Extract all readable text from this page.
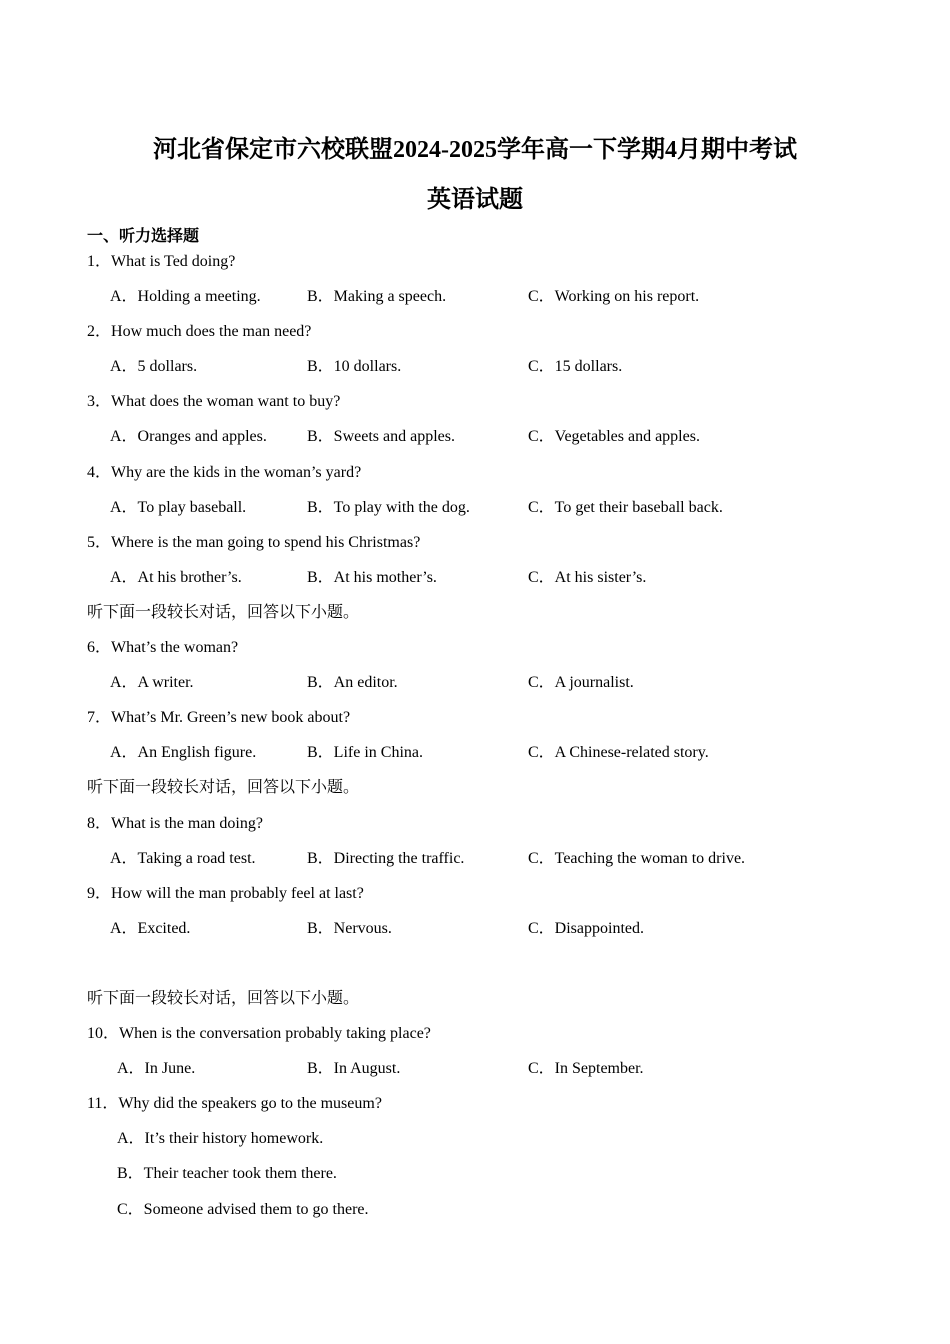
河北省保定市六校联盟2024-2025学年高一下学期4月期中考试
英语试题
一、听力选择题
1．What is Ted doing?
A．Holding a meeting.	B．Making a speech.	C．Working on his report.
2．How much does the man need?
A．5 dollars.	B．10 dollars.	C．15 dollars.
3．What does the woman want to buy?
A．Oranges and apples.	B．Sweets and apples.	C．Vegetables and apples.
4．Why are the kids in the woman’s yard?
A．To play baseball.	B．To play with the dog.	C．To get their baseball back.
5．Where is the man going to spend his Christmas?
A．At his brother’s.	B．At his mother’s.	C．At his sister’s.
听下面一段较长对话，回答以下小题。
6．What’s the woman?
A．A writer.	B．An editor.	C．A journalist.
7．What’s Mr. Green’s new book about?
A．An English figure.	B．Life in China.	C．A Chinese-related story.
听下面一段较长对话，回答以下小题。
8．What is the man doing?
A．Taking a road test.	B．Directing the traffic.	C．Teaching the woman to drive.
9．How will the man probably feel at last?
A．Excited.	B．Nervous.	C．Disappointed.
听下面一段较长对话，回答以下小题。
10．When is the conversation probably taking place?
A．In June.	B．In August.	C．In September.
11．Why did the speakers go to the museum?
A．It’s their history homework.
B．Their teacher took them there.
C．Someone advised them to go there.
